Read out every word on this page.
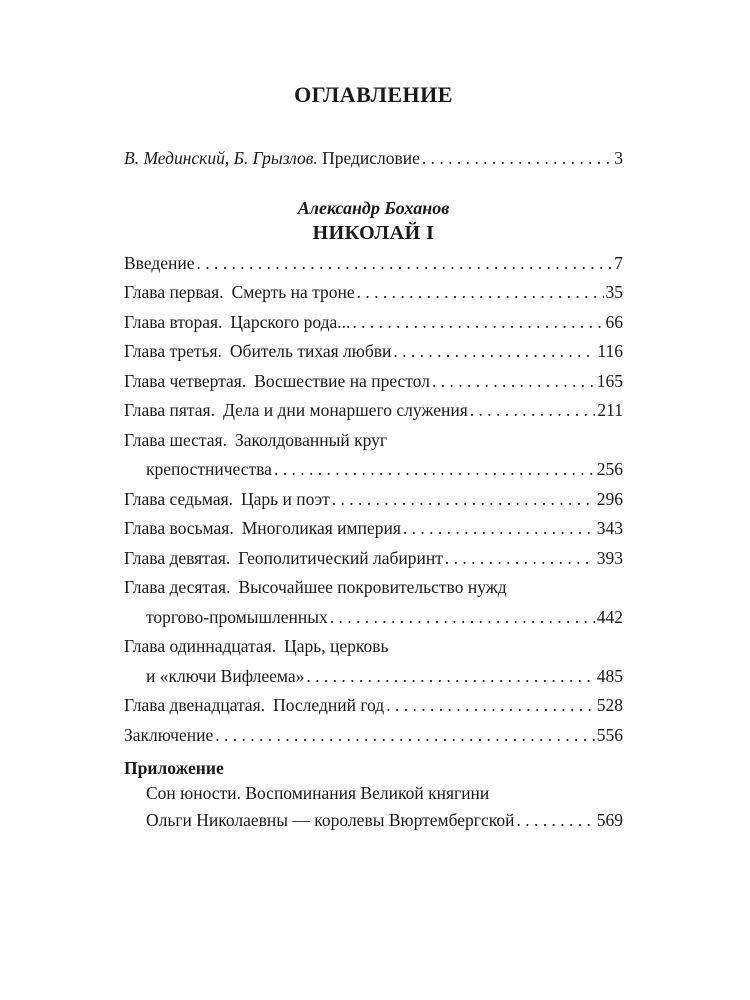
ОГЛАВЛЕНИЕ
В. Мединский, Б. Грызлов. Предисловие . . .	3
Александр Боханов
НИКОЛАЙ I
Введение . . .	7
Глава первая. Смерть на троне . . .	35
Глава вторая. Царского рода... . . .	66
Глава третья. Обитель тихая любви . . .	116
Глава четвертая. Восшествие на престол . . .	165
Глава пятая. Дела и дни монаршего служения . . .	211
Глава шестая. Заколдованный круг
крепостничества . . .	256
Глава седьмая. Царь и поэт . . .	296
Глава восьмая. Многоликая империя . . .	343
Глава девятая. Геополитический лабиринт . . .	393
Глава десятая. Высочайшее покровительство нужд
торгово-промышленных . . .	442
Глава одиннадцатая. Царь, церковь
и «ключи Вифлеема» . . .	485
Глава двенадцатая. Последний год . . .	528
Заключение . . .	556
Приложение
Сон юности. Воспоминания Великой княгини
Ольги Николаевны — королевы Вюртембергской . . .	569
